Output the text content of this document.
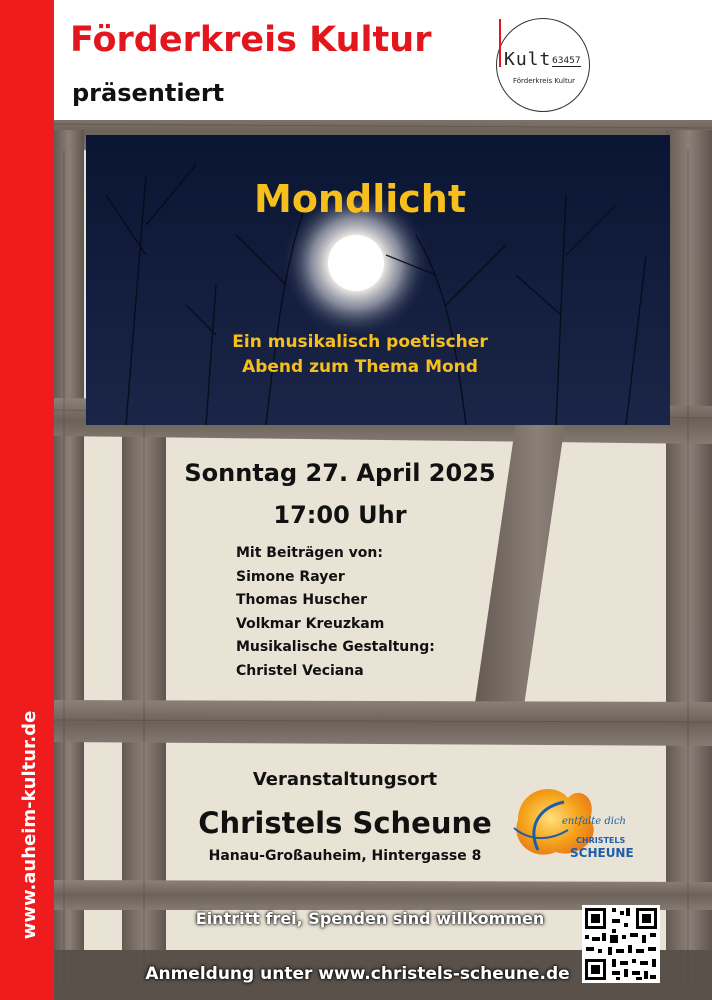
www.auheim-kultur.de
Förderkreis Kultur
präsentiert
Kult 63457
Förderkreis Kultur
Mondlicht
Ein musikalisch poetischer
Abend zum Thema Mond
Sonntag 27. April 2025
17:00 Uhr
Mit Beiträgen von:
Simone Rayer
Thomas Huscher
Volkmar Kreuzkam
Musikalische Gestaltung:
Christel Veciana
Veranstaltungsort
Christels Scheune
Hanau-Großauheim, Hintergasse 8
entfalte dich
CHRISTELS
SCHEUNE
Eintritt frei, Spenden sind willkommen
Anmeldung unter www.christels-scheune.de
